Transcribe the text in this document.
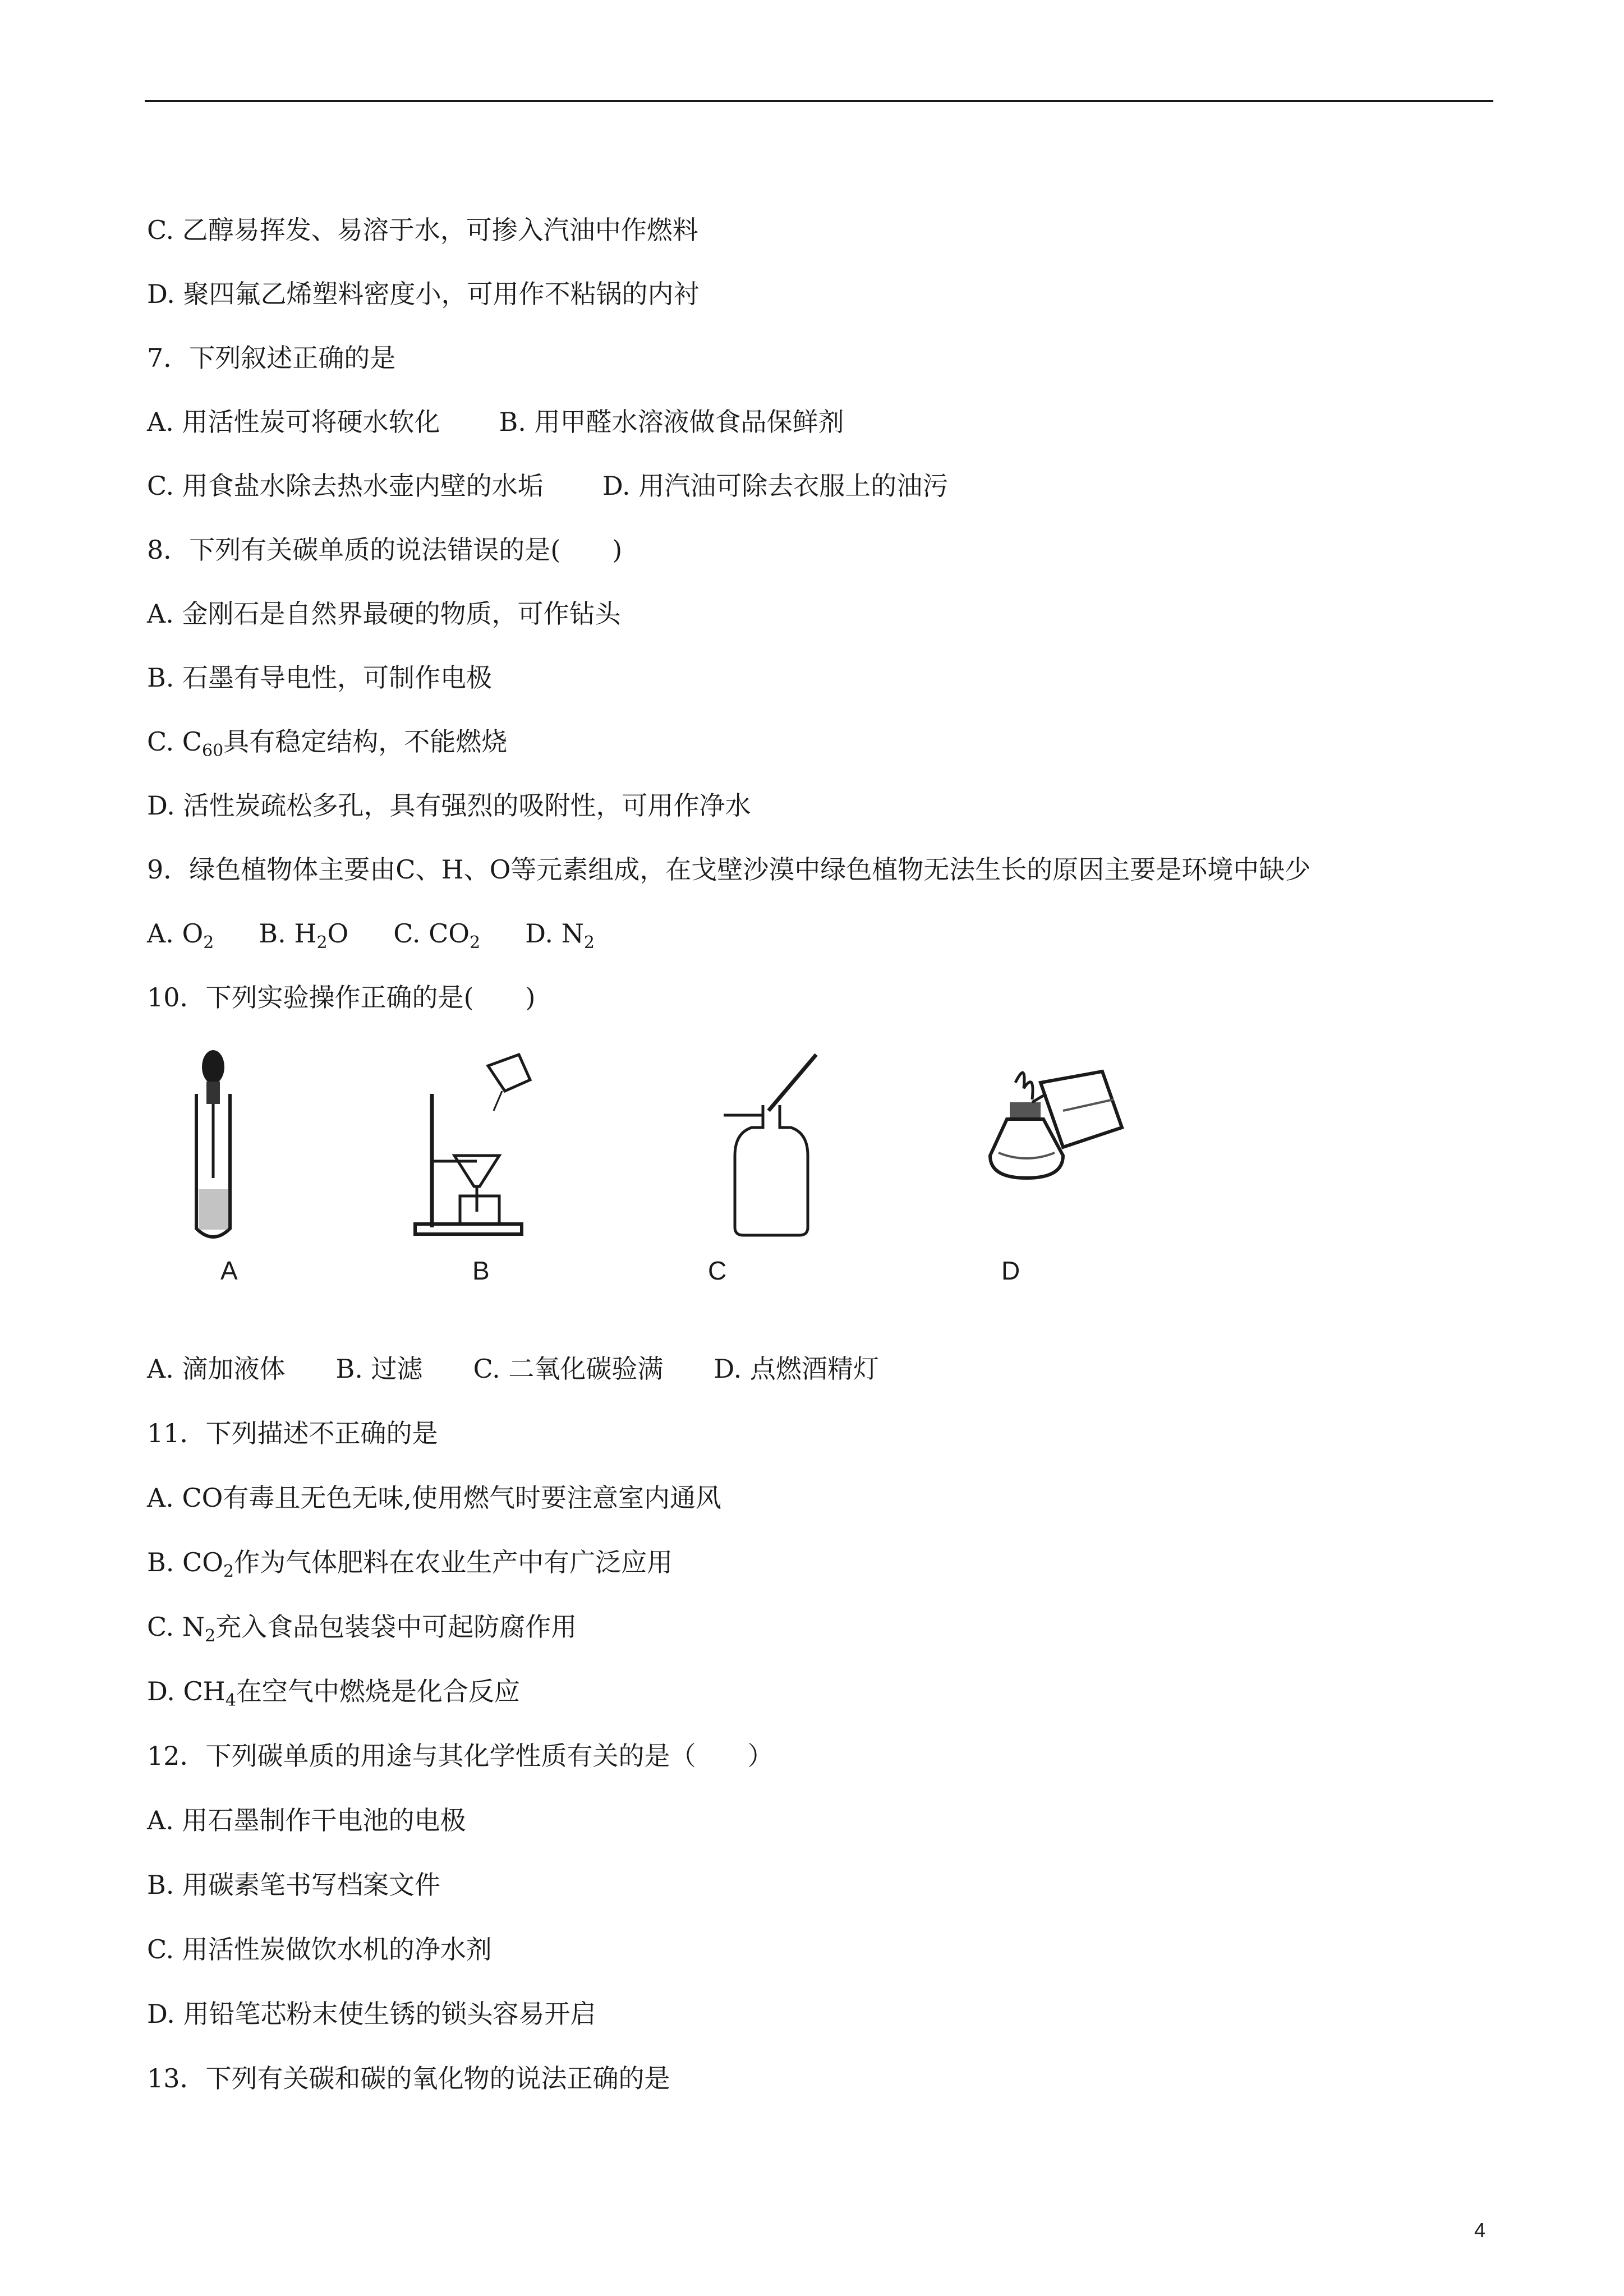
C. 乙醇易挥发、易溶于水，可掺入汽油中作燃料
D. 聚四氟乙烯塑料密度小，可用作不粘锅的内衬
7．下列叙述正确的是
A. 用活性炭可将硬水软化 B. 用甲醛水溶液做食品保鲜剂
C. 用食盐水除去热水壶内壁的水垢 D. 用汽油可除去衣服上的油污
8．下列有关碳单质的说法错误的是(　　)
A. 金刚石是自然界最硬的物质，可作钻头
B. 石墨有导电性，可制作电极
C. $C_{60}$具有稳定结构，不能燃烧
D. 活性炭疏松多孔，具有强烈的吸附性，可用作净水
9．绿色植物体主要由C、H、O等元素组成，在戈壁沙漠中绿色植物无法生长的原因主要是环境中缺少
A. $O_2$ B. $H_2O$ C. $CO_2$ D. $N_2$
10．下列实验操作正确的是(　　)
A	B	C	D
A. 滴加液体 B. 过滤 C. 二氧化碳验满 D. 点燃酒精灯
11．下列描述不正确的是
A. CO有毒且无色无味,使用燃气时要注意室内通风
B. $CO_2$作为气体肥料在农业生产中有广泛应用
C. $N_2$充入食品包装袋中可起防腐作用
D. $CH_4$在空气中燃烧是化合反应
12．下列碳单质的用途与其化学性质有关的是（　　）
A. 用石墨制作干电池的电极
B. 用碳素笔书写档案文件
C. 用活性炭做饮水机的净水剂
D. 用铅笔芯粉末使生锈的锁头容易开启
13．下列有关碳和碳的氧化物的说法正确的是
4
